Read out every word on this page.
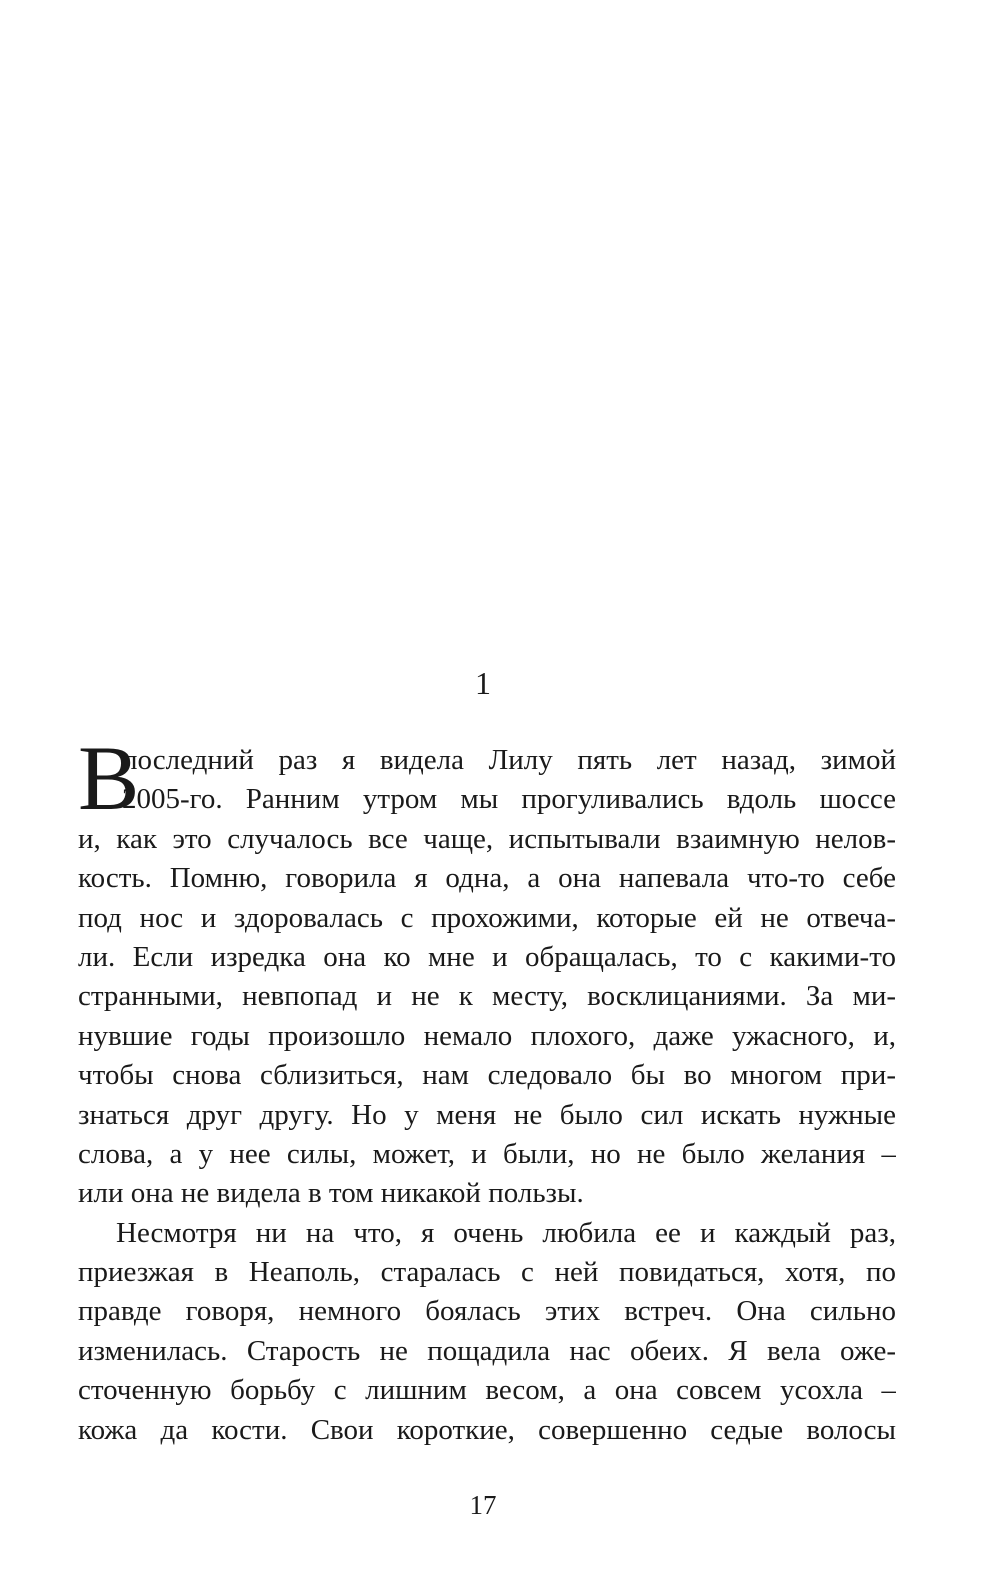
1
В
последний раз я видела Лилу пять лет назад, зимой
2005-го. Ранним утром мы прогуливались вдоль шоссе
и, как это случалось все чаще, испытывали взаимную нелов-
кость. Помню, говорила я одна, а она напевала что-то себе
под нос и здоровалась с прохожими, которые ей не отвеча-
ли. Если изредка она ко мне и обращалась, то с какими-то
странными, невпопад и не к месту, восклицаниями. За ми-
нувшие годы произошло немало плохого, даже ужасного, и,
чтобы снова сблизиться, нам следовало бы во многом при-
знаться друг другу. Но у меня не было сил искать нужные
слова, а у нее силы, может, и были, но не было желания –
или она не видела в том никакой пользы.
Несмотря ни на что, я очень любила ее и каждый раз,
приезжая в Неаполь, старалась с ней повидаться, хотя, по
правде говоря, немного боялась этих встреч. Она сильно
изменилась. Старость не пощадила нас обеих. Я вела оже-
сточенную борьбу с лишним весом, а она совсем усохла –
кожа да кости. Свои короткие, совершенно седые волосы
17
